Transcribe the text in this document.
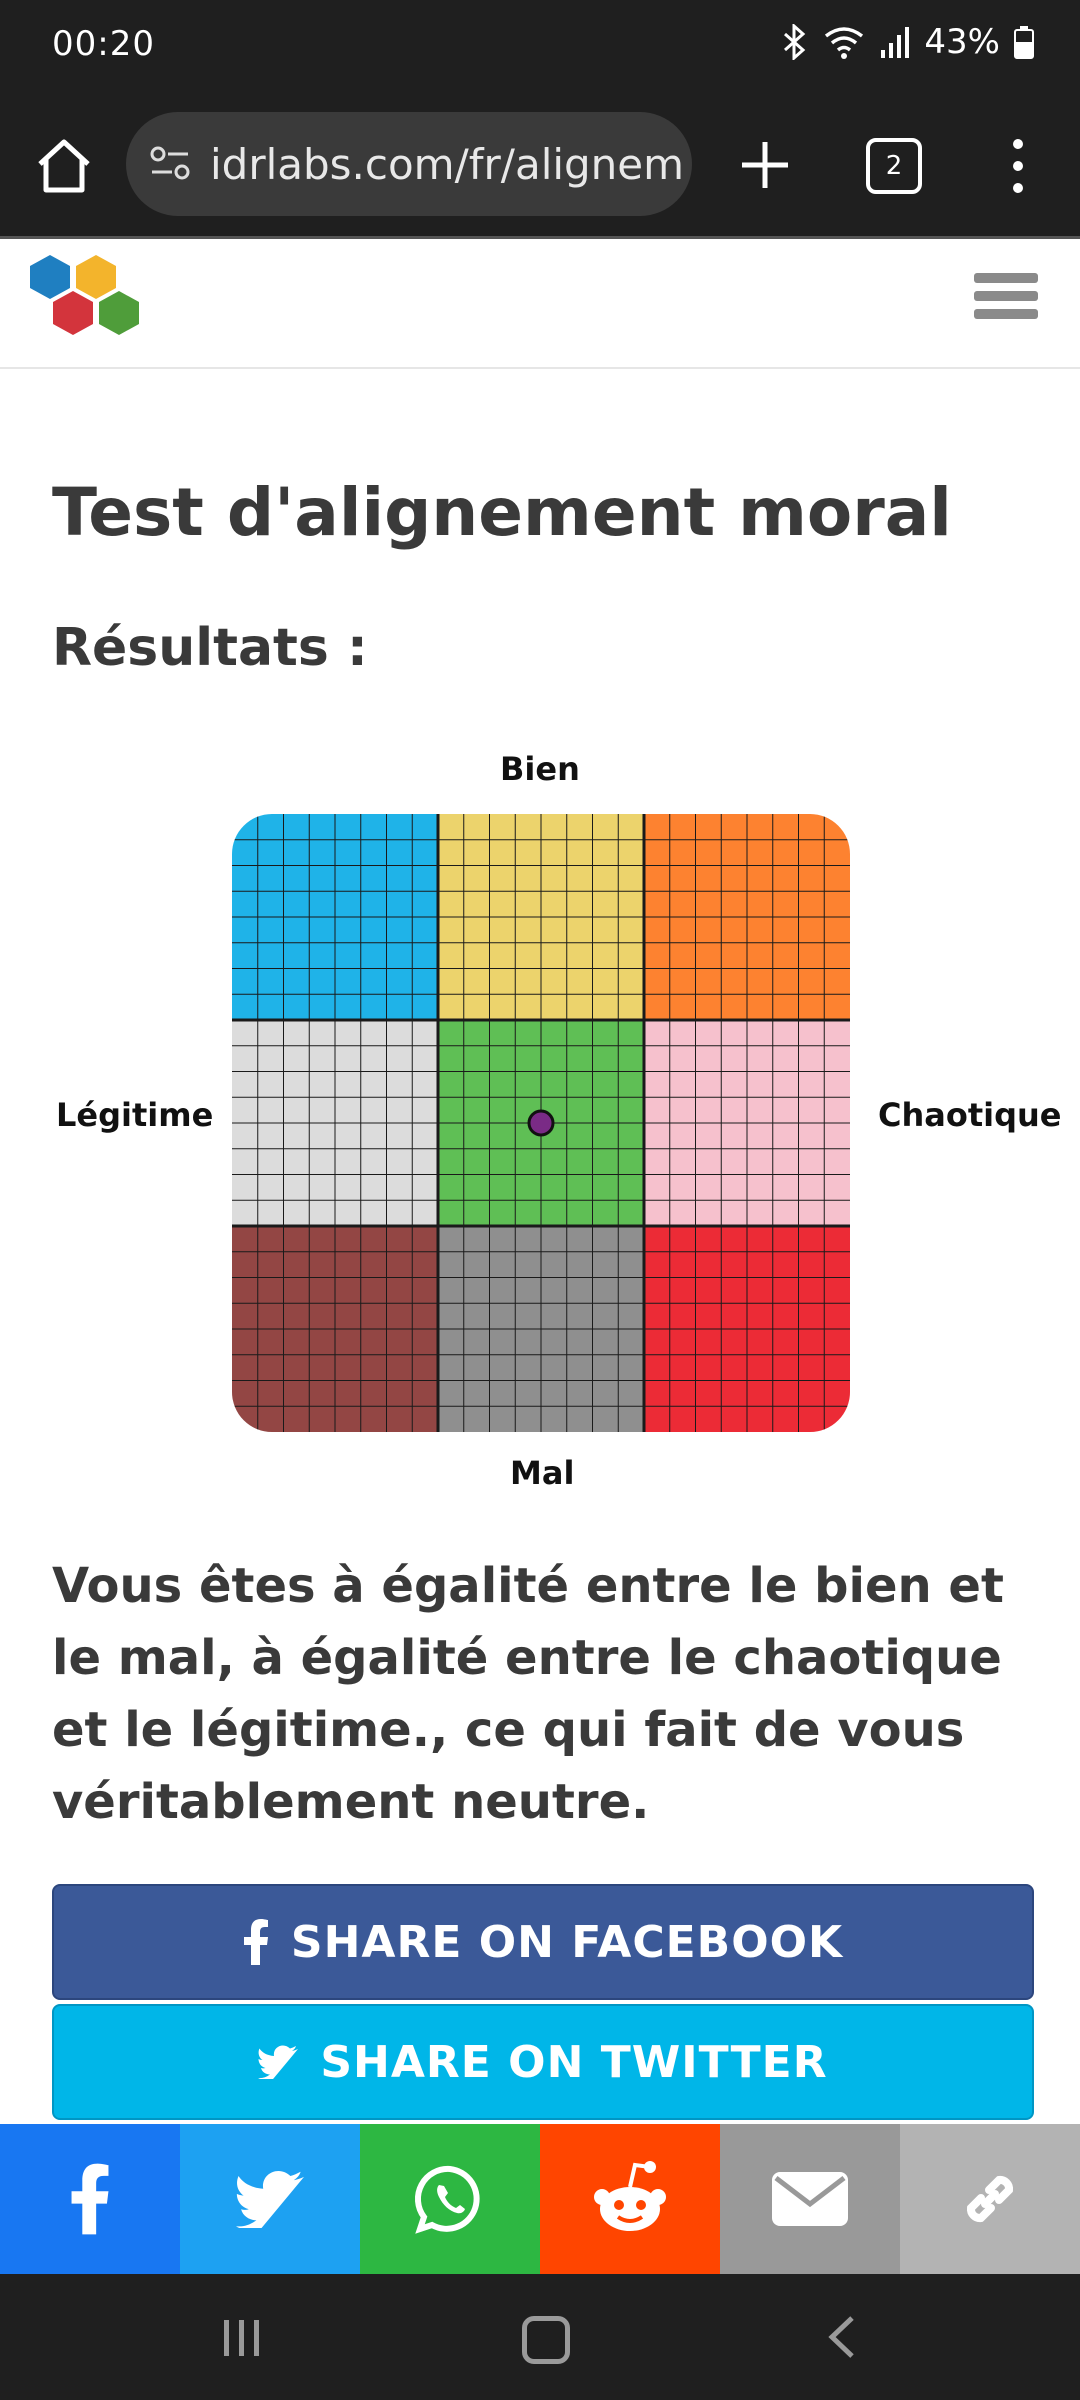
00:20	43%
idrlabs.com/fr/alignem	2
Test d'alignement moral
Résultats :
Bien
Mal
Légitime	Chaotique

Vous êtes à égalité entre le bien et le mal, à égalité entre le chaotique et le légitime., ce qui fait de vous véritablement neutre.

SHARE ON FACEBOOK
SHARE ON TWITTER
